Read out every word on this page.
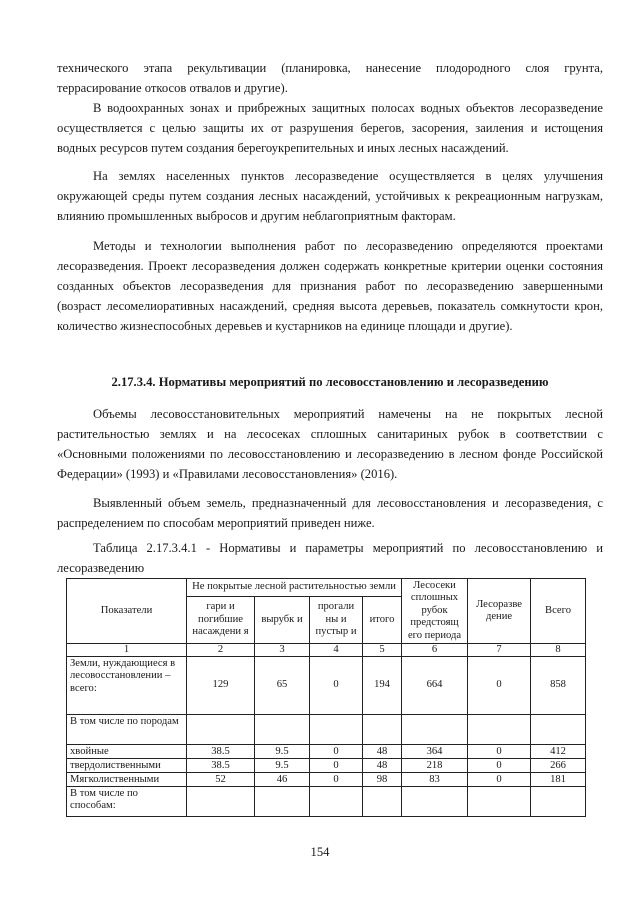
технического этапа рекультивации (планировка, нанесение плодородного слоя грунта, террасирование откосов отвалов и другие).

В водоохранных зонах и прибрежных защитных полосах водных объектов лесоразведение осуществляется с целью защиты их от разрушения берегов, засорения, заиления и истощения водных ресурсов путем создания берегоукрепительных и иных лесных насаждений.

На землях населенных пунктов лесоразведение осуществляется в целях улучшения окружающей среды путем создания лесных насаждений, устойчивых к рекреационным нагрузкам, влиянию промышленных выбросов и другим неблагоприятным факторам.

Методы и технологии выполнения работ по лесоразведению определяются проектами лесоразведения. Проект лесоразведения должен содержать конкретные критерии оценки состояния созданных объектов лесоразведения для признания работ по лесоразведению завершенными (возраст лесомелиоративных насаждений, средняя высота деревьев, показатель сомкнутости крон, количество жизнеспособных деревьев и кустарников на единице площади и другие).

2.17.3.4. Нормативы мероприятий по лесовосстановлению и лесоразведению

Объемы лесовосстановительных мероприятий намечены на не покрытых лесной растительностью землях и на лесосеках сплошных санитариных рубок в соответствии с «Основными положениями по лесовосстановлению и лесоразведению в лесном фонде Российской Федерации» (1993) и «Правилами лесовосстановления» (2016).

Выявленный объем земель, предназначенный для лесовосстановления и лесоразведения, с распределением по способам мероприятий приведен ниже.

Таблица 2.17.3.4.1 - Нормативы и параметры мероприятий по лесовосстановлению и лесоразведению

Показатели	Не покрытые лесной растительностью земли				Лесосеки сплошных рубок предстоящ его периода	Лесоразве дение	Всего
	гари и погибшие насаждени я	вырубк и	прогали ны и пустыр и	итого			
1	2	3	4	5	6	7	8
Земли, нуждающиеся в лесовосстановлении – всего:	129	65	0	194	664	0	858
В том числе по породам							
хвойные	38.5	9.5	0	48	364	0	412
твердолиственными	38.5	9.5	0	48	218	0	266
Мягколиственными	52	46	0	98	83	0	181
В том числе по способам:							
154
